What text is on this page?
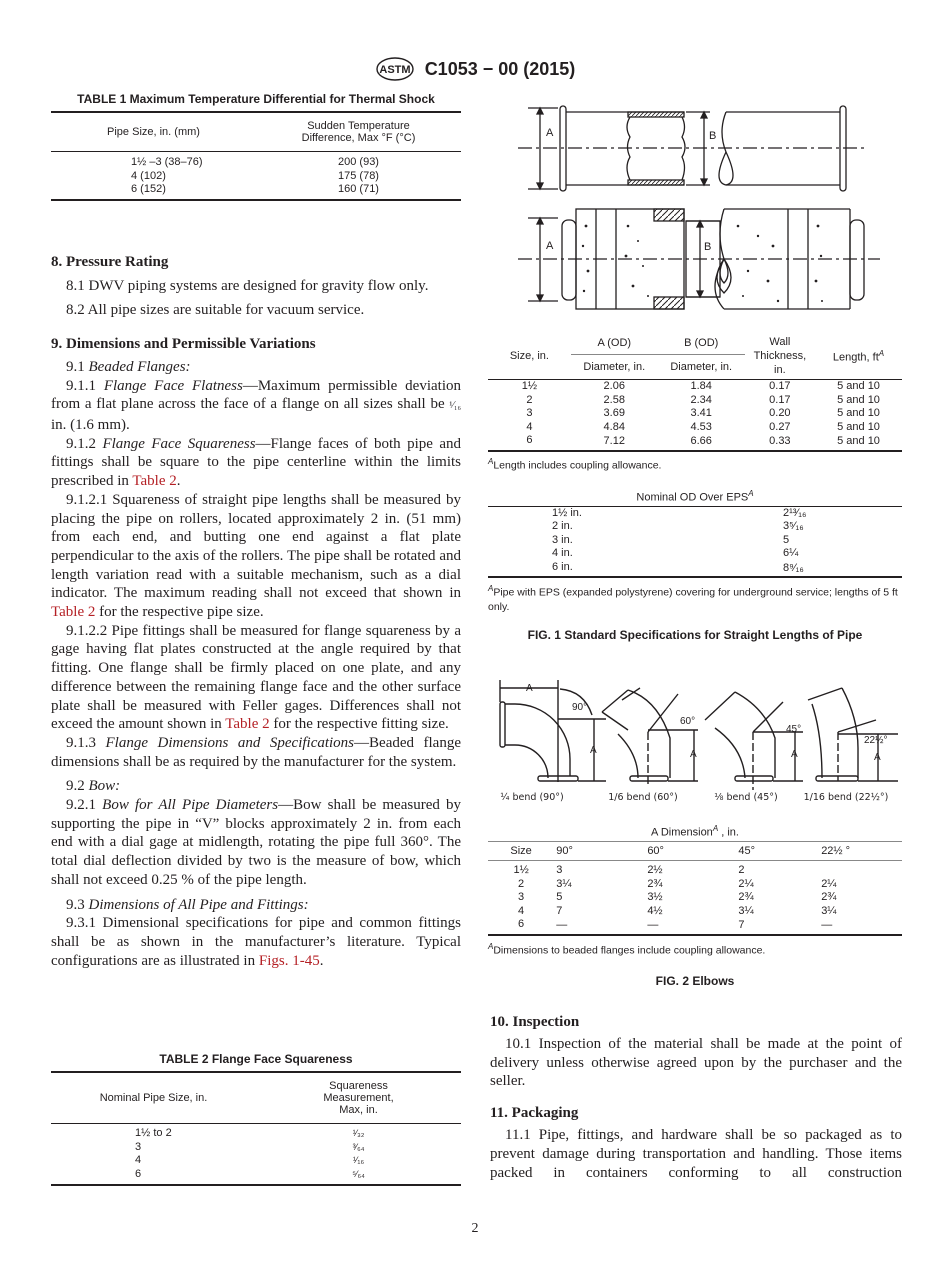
ASTM C1053 − 00 (2015)
TABLE 1 Maximum Temperature Differential for Thermal Shock
Pipe Size, in. (mm)	Sudden Temperature
Difference, Max °F (°C)

1½ –3 (38–76)	200 (93)
4 (102)	175 (78)
6 (152)	160 (71)
8. Pressure Rating

8.1 DWV piping systems are designed for gravity flow only.

8.2 All pipe sizes are suitable for vacuum service.

9. Dimensions and Permissible Variations

9.1 Beaded Flanges:

9.1.1 Flange Face Flatness—Maximum permissible deviation from a flat plane across the face of a flange on all sizes shall be ¹⁄₁₆ in. (1.6 mm).

9.1.2 Flange Face Squareness—Flange faces of both pipe and fittings shall be square to the pipe centerline within the limits prescribed in Table 2.

9.1.2.1 Squareness of straight pipe lengths shall be measured by placing the pipe on rollers, located approximately 2 in. (51 mm) from each end, and butting one end against a flat plate perpendicular to the axis of the rollers. The pipe shall be rotated and length variation read with a suitable mechanism, such as a dial indicator. The maximum reading shall not exceed that shown in Table 2 for the respective pipe size.

9.1.2.2 Pipe fittings shall be measured for flange squareness by a gage having flat plates constructed at the angle required by that fitting. One flange shall be firmly placed on one plate, and any difference between the remaining flange face and the other surface plate shall be measured with Feller gages. Differences shall not exceed the amount shown in Table 2 for the respective fitting size.

9.1.3 Flange Dimensions and Specifications—Beaded flange dimensions shall be as required by the manufacturer for the system.

9.2 Bow:

9.2.1 Bow for All Pipe Diameters—Bow shall be measured by supporting the pipe in “V” blocks approximately 2 in. from each end with a dial gage at midlength, rotating the pipe full 360°. The total dial deflection divided by two is the measure of bow, which shall not exceed 0.25 % of the pipe length.

9.3 Dimensions of All Pipe and Fittings:

9.3.1 Dimensional specifications for pipe and common fittings shall be as shown in the manufacturer’s literature. Typical configurations are as illustrated in Figs. 1-45.

TABLE 2 Flange Face Squareness
Nominal Pipe Size, in.	Squareness
Measurement,
Max, in.

1½ to 2	¹⁄₃₂
3	³⁄₆₄
4	¹⁄₁₆
6	⁵⁄₆₄
A	B
A	B
Size, in.	A (OD)	B (OD)	Wall
Thickness,
in.	Length, $ft^A$
	Diameter, in.	Diameter, in.		
1½	2.06	1.84	0.17	5 and 10
2	2.58	2.34	0.17	5 and 10
3	3.69	3.41	0.20	5 and 10
4	4.84	4.53	0.27	5 and 10
6	7.12	6.66	0.33	5 and 10
$^A$Length includes coupling allowance.
Nominal OD Over $EPS^A$
1½ in.	2¹³⁄₁₆
2 in.	3⁵⁄₁₆
3 in.	5
4 in.	6¼
6 in.	8⁹⁄₁₆
$^A$Pipe with EPS (expanded polystyrene) covering for underground service; lengths of 5 ft only.
FIG. 1 Standard Specifications for Straight Lengths of Pipe
A
A
90°
A
60°
A
45°
A
22½°
¼ bend (90°)	1/6 bend (60°)	⅛ bend (45°)	1/16 bend (22½°)
A Dimension$^A$ , in.				
Size	90°	60°	45°	22½ °

1½	3	2½	2	
2	3¼	2¾	2¼	2¼
3	5	3½	2¾	2¾
4	7	4½	3¼	3¼
6	—	—	7	—
$^A$Dimensions to beaded flanges include coupling allowance.
FIG. 2 Elbows
10. Inspection

10.1 Inspection of the material shall be made at the point of delivery unless otherwise agreed upon by the purchaser and the seller.

11. Packaging

11.1 Pipe, fittings, and hardware shall be so packaged as to prevent damage during transportation and handling. Those items packed in containers conforming to all construction

2
